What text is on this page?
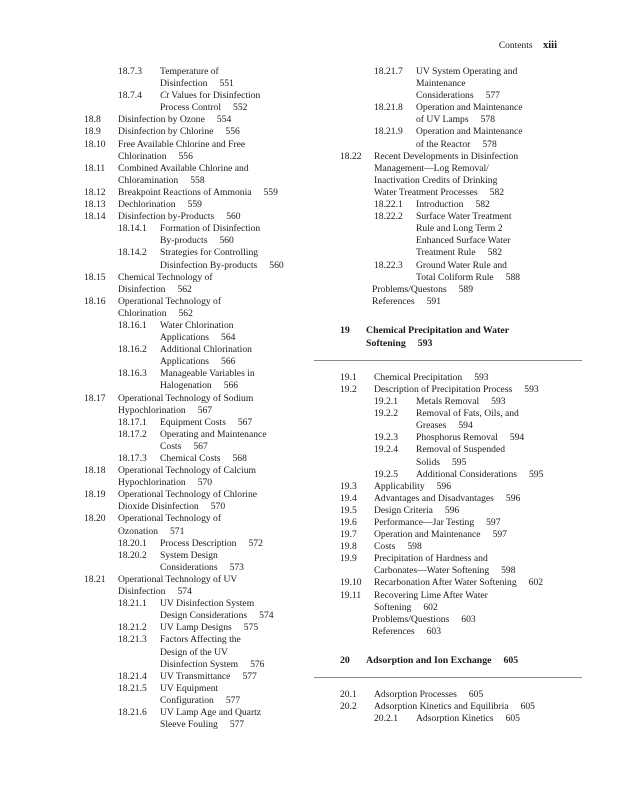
Contents xiii
18.7.3 Temperature of
Disinfection 551
18.7.4 Ct Values for Disinfection
Process Control 552
18.8 Disinfection by Ozone 554
18.9 Disinfection by Chlorine 556
18.10 Free Available Chlorine and Free
Chlorination 556
18.11 Combined Available Chlorine and
Chloramination 558
18.12 Breakpoint Reactions of Ammonia 559
18.13 Dechlorination 559
18.14 Disinfection by-Products 560
18.14.1 Formation of Disinfection
By-products 560
18.14.2 Strategies for Controlling
Disinfection By-products 560
18.15 Chemical Technology of
Disinfection 562
18.16 Operational Technology of
Chlorination 562
18.16.1 Water Chlorination
Applications 564
18.16.2 Additional Chlorination
Applications 566
18.16.3 Manageable Variables in
Halogenation 566
18.17 Operational Technology of Sodium
Hypochlorination 567
18.17.1 Equipment Costs 567
18.17.2 Operating and Maintenance
Costs 567
18.17.3 Chemical Costs 568
18.18 Operational Technology of Calcium
Hypochlorination 570
18.19 Operational Technology of Chlorine
Dioxide Disinfection 570
18.20 Operational Technology of
Ozonation 571
18.20.1 Process Description 572
18.20.2 System Design
Considerations 573
18.21 Operational Technology of UV
Disinfection 574
18.21.1 UV Disinfection System
Design Considerations 574
18.21.2 UV Lamp Designs 575
18.21.3 Factors Affecting the
Design of the UV
Disinfection System 576
18.21.4 UV Transmittance 577
18.21.5 UV Equipment
Configuration 577
18.21.6 UV Lamp Age and Quartz
Sleeve Fouling 577
18.21.7 UV System Operating and
Maintenance
Considerations 577
18.21.8 Operation and Maintenance
of UV Lamps 578
18.21.9 Operation and Maintenance
of the Reactor 578
18.22 Recent Developments in Disinfection
Management—Log Removal/
Inactivation Credits of Drinking
Water Treatment Processes 582
18.22.1 Introduction 582
18.22.2 Surface Water Treatment
Rule and Long Term 2
Enhanced Surface Water
Treatment Rule 582
18.22.3 Ground Water Rule and
Total Coliform Rule 588
Problems/Questons 589
References 591
19 Chemical Precipitation and Water
Softening 593
19.1 Chemical Precipitation 593
19.2 Description of Precipitation Process 593
19.2.1 Metals Removal 593
19.2.2 Removal of Fats, Oils, and
Greases 594
19.2.3 Phosphorus Removal 594
19.2.4 Removal of Suspended
Solids 595
19.2.5 Additional Considerations 595
19.3 Applicability 596
19.4 Advantages and Disadvantages 596
19.5 Design Criteria 596
19.6 Performance—Jar Testing 597
19.7 Operation and Maintenance 597
19.8 Costs 598
19.9 Precipitation of Hardness and
Carbonates—Water Softening 598
19.10 Recarbonation After Water Softening 602
19.11 Recovering Lime After Water
Softening 602
Problems/Questions 603
References 603
20 Adsorption and Ion Exchange 605
20.1 Adsorption Processes 605
20.2 Adsorption Kinetics and Equilibria 605
20.2.1 Adsorption Kinetics 605
